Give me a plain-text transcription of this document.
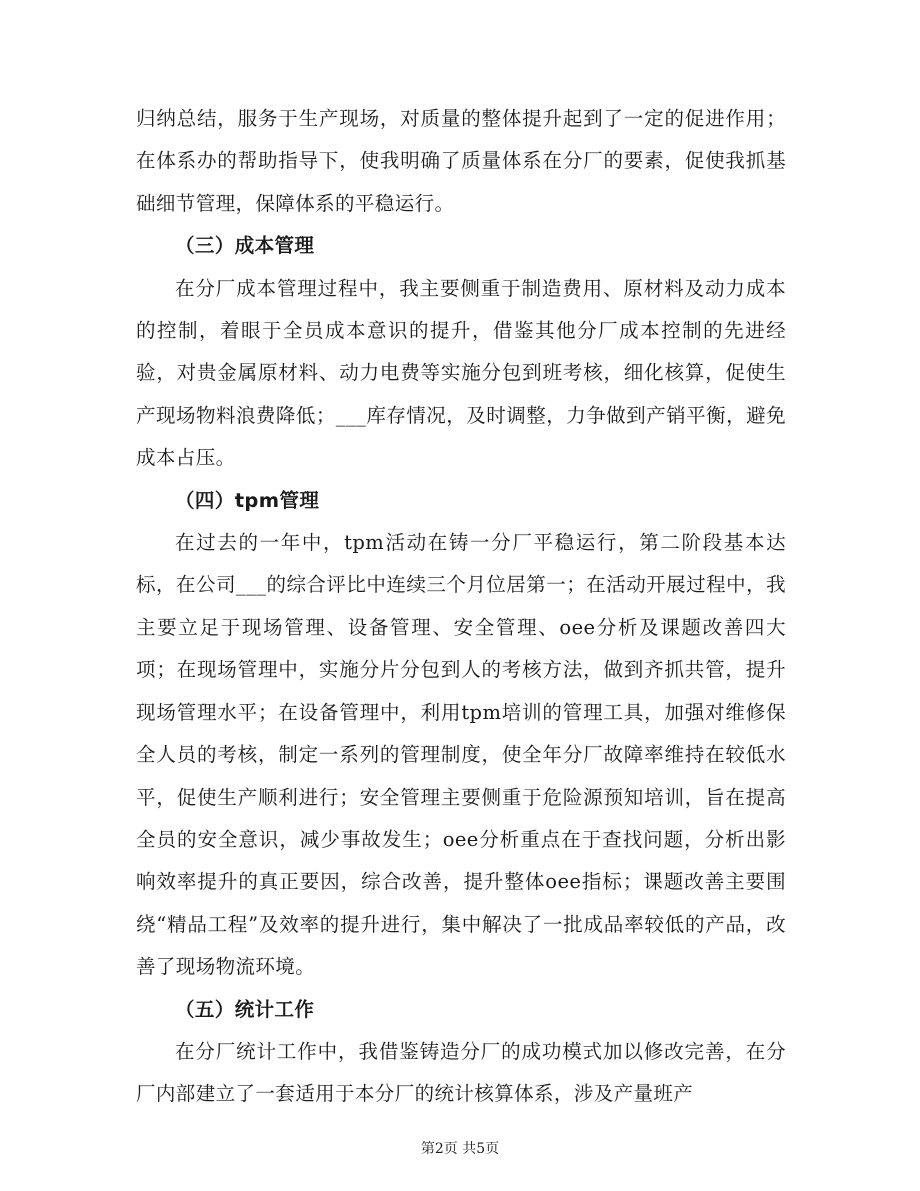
归纳总结，服务于生产现场，对质量的整体提升起到了一定的促进作用；在体系办的帮助指导下，使我明确了质量体系在分厂的要素，促使我抓基础细节管理，保障体系的平稳运行。

（三）成本管理

在分厂成本管理过程中，我主要侧重于制造费用、原材料及动力成本的控制，着眼于全员成本意识的提升，借鉴其他分厂成本控制的先进经验，对贵金属原材料、动力电费等实施分包到班考核，细化核算，促使生产现场物料浪费降低；___库存情况，及时调整，力争做到产销平衡，避免成本占压。

（四）tpm管理

在过去的一年中，tpm活动在铸一分厂平稳运行，第二阶段基本达标，在公司___的综合评比中连续三个月位居第一；在活动开展过程中，我主要立足于现场管理、设备管理、安全管理、oee分析及课题改善四大项；在现场管理中，实施分片分包到人的考核方法，做到齐抓共管，提升现场管理水平；在设备管理中，利用tpm培训的管理工具，加强对维修保全人员的考核，制定一系列的管理制度，使全年分厂故障率维持在较低水平，促使生产顺利进行；安全管理主要侧重于危险源预知培训，旨在提高全员的安全意识，减少事故发生；oee分析重点在于查找问题，分析出影响效率提升的真正要因，综合改善，提升整体oee指标；课题改善主要围绕“精品工程”及效率的提升进行，集中解决了一批成品率较低的产品，改善了现场物流环境。

（五）统计工作

在分厂统计工作中，我借鉴铸造分厂的成功模式加以修改完善，在分厂内部建立了一套适用于本分厂的统计核算体系，涉及产量班产

第2页 共5页
